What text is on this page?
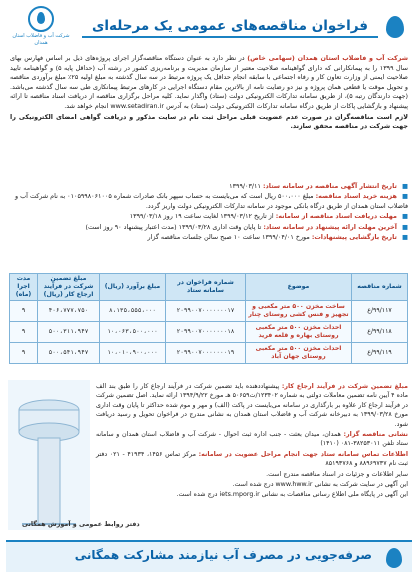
فراخوان مناقصه‌های عمومی یک مرحله‌ای
شرکت آب و فاضلاب استان همدان

شرکت آب و فاضلاب استان همدان (سهامی خاص) در نظر دارد به عنوان دستگاه مناقصه‌گزار اجرای پروژه‌های ذیل بر اساس فهارس بهای سال ۱۳۹۹ را به پیمانکارانی که دارای گواهینامه صلاحیت معتبر از سازمان مدیریت و برنامه‌ریزی کشور در رشته آب (حداقل پایه ۵) و گواهینامه تایید صلاحیت ایمنی از وزارت تعاون کار و رفاه اجتماعی با سابقه انجام حداقل یک پروژه مرتبط در سه سال گذشته به مبلغ اولیه ۲۵٪ مبلغ برآوردی مناقصه و تحویل موقت یا قطعی همان پروژه و نیز دو رضایت نامه از بالاترین مقام دستگاه اجرایی در کارهای مرتبط پیمانکاری طی سه سال گذشته می‌باشد. (جهت دارندگان رتبه ۵)، از طریق سامانه تدارکات الکترونیکی دولت (ستاد) واگذار نماید. کلیه مراحل برگزاری مناقصه از دریافت اسناد مناقصه تا ارائه پیشنهاد و بازگشایی پاکات از طریق درگاه سامانه تدارکات الکترونیکی دولت (ستاد) به آدرس www.setadiran.ir انجام خواهد شد.

لازم است مناقصه‌گران در صورت عدم عضویت قبلی مراحل ثبت نام در سایت مذکور و دریافت گواهی امضای الکترونیکی را جهت شرکت در مناقصه محقق سازند.

■ تاریخ انتشار آگهی مناقصه در سامانه ستاد: ۱۳۹۹/۰۳/۱۱
■ هزینه خرید اسناد مناقصه: مبلغ ۵۰۰،۰۰۰ ریال است که می‌بایست به حساب سپهر بانک صادرات شماره ۰۱۰۵۹۹۸۰۶۱۰۰۵ به نام شرکت آب و فاضلاب استان همدان از طریق درگاه بانکی موجود در سامانه تدارکات الکترونیکی دولت واریز گردد.
■ مهلت دریافت اسناد مناقصه از سامانه: از تاریخ ۱۳۹۹/۰۳/۱۲ لغایت ساعت ۱۹ روز ۱۳۹۹/۰۳/۱۸
■ آخرین مهلت ارائه پیشنهاد در سامانه ستاد: تا پایان وقت اداری ۱۳۹۹/۰۳/۲۸ (مدت اعتبار پیشنهاد ۹۰ روز است)
■ تاریخ بازگشایی پیشنهادات: مورخ ۱۳۹۹/۰۴/۰۱ ساعت ۱۰ صبح سالن جلسات مناقصه گزار
شماره مناقصه	موضوع	شماره فراخوان در سامانه ستاد	مبلغ برآورد (ریال)	مبلغ تضمین شرکت در فرآیند ارجاع کار (ریال)	مدت اجرا (ماه)
۹۹/۱۱۷/ع	ساخت مخزن ۵۰۰ متر مکعبی و تجهیز و فنس کشی روستای چنار	۲۰۹۹۰۰۷۰۰۰۰۰۰۰۱۷	۸،۱۳۵،۵۵۵،۰۰۰	۴۰۶،۷۷۷،۷۵۰	۹
۹۹/۱۱۸/ع	احداث مخزن ۵۰۰ متر مکعبی روستای بهاره و قلعه فرید	۲۰۹۹۰۰۷۰۰۰۰۰۰۰۱۸	۱۰،۰۶۳،۵۰۰،۰۰۰	۵۰۰،۳۱۱،۹۴۷	۹
۹۹/۱۱۹/ع	احداث مخزن ۵۰۰ متر مکعبی روستای جهان آباد	۲۰۹۹۰۰۷۰۰۰۰۰۰۰۱۹	۱۰،۰۱۰،۹۰۰،۰۰۰	۵۰۰،۵۴۱،۹۴۷	۹
مبلغ تضمین شرکت در فرآیند ارجاع کار: پیشنهاددهنده باید تضمین شرکت در فرآیند ارجاع کار را طبق بند الف ماده ۴ آیین نامه تضمین معاملات دولتی به شماره ۱۲۳۴۰۲/ت۵۰۶۵۹ هـ مورخ ۱۳۹۴/۹/۲۲ ارائه نماید. اصل تضمین شرکت در فرآیند ارجاع کار علاوه بر بارگذاری در سامانه می‌بایست در پاکت (الف) و مهر و موم شده حداکثر تا پایان وقت اداری مورخ ۱۳۹۹/۰۳/۲۸ به دبیرخانه شرکت آب و فاضلاب استان همدان به نشانی مندرج در فراخوان تحویل و رسید دریافت شود.
نشانی مناقصه گزار: همدان، میدان بعثت - جنب اداره ثبت احوال - شرکت آب و فاضلاب استان همدان و سامانه ستاد تلفن ۳۸۲۵۳۰۱۱-۰۸۱ (۱۴۱۰)
اطلاعات تماس سامانه ستاد جهت انجام مراحل عضویت در سامانه: مرکز تماس ۱۴۵۶، ۴۱۹۳۴ - ۰۲۱ دفتر ثبت نام ۸۸۹۶۹۷۳۷ و ۸۵۱۹۳۷۶۸
سایر اطلاعات و جزئیات در اسناد مناقصه مندرج است.
این آگهی در سایت شرکت به نشانی www.hww.ir درج شده است.
این آگهی در پایگاه ملی اطلاع رسانی مناقصات به نشانی iets.mporg.ir درج شده است.
دفتر روابط عمومی و آموزش همگانی
صرفه‌جویی در مصرف آب نیازمند مشارکت همگانی
